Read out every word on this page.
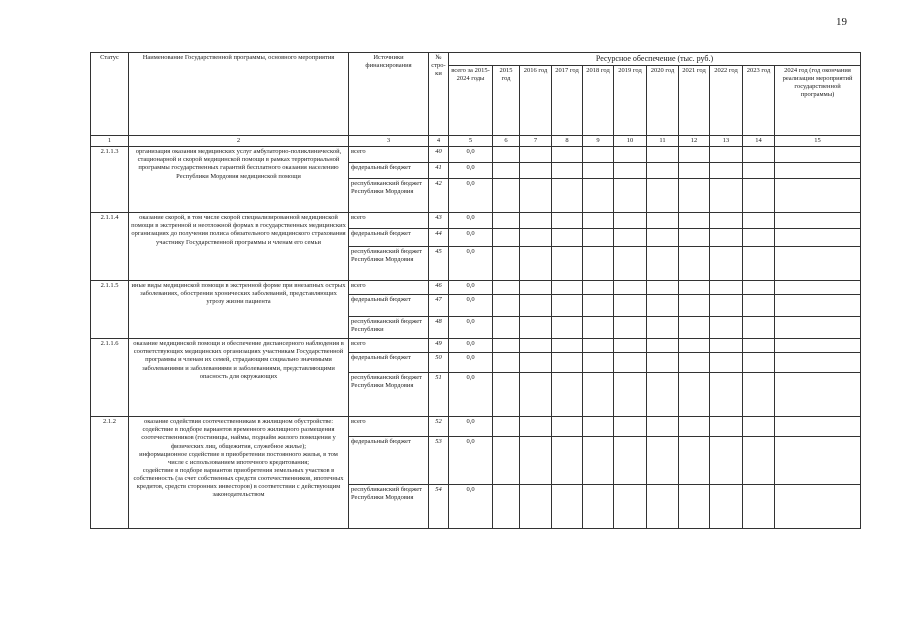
19
Статус	Наименование Государственной программы, основного мероприятия	Источники финансирования	№ стро- ки	Ресурсное обеспечение (тыс. руб.)										
				всего за 2015-2024 годы	2015 год	2016 год	2017 год	2018 год	2019 год	2020 год	2021 год	2022 год	2023 год	2024 год (год окончания реализации мероприятий государственной программы)
1	2	3	4	5	6	7	8	9	10	11	12	13	14	15
2.1.1.3	организация оказания медицинских услуг амбулаторно-поликлинической, стационарной и скорой медицинской помощи в рамках территориальной программы государственных гарантий бесплатного оказания населению Республики Мордовия медицинской помощи	всего	40	0,0										
		федеральный бюджет	41	0,0										
		республиканский бюджет Республики Мордовия	42	0,0										
2.1.1.4	оказание скорой, в том числе скорой специализированной медицинской помощи в экстренной и неотложной формах в государственных медицинских организациях до получения полиса обязательного медицинского страхования участнику Государственной программы и членам его семьи	всего	43	0,0										
		федеральный бюджет	44	0,0										
		республиканский бюджет Республики Мордовия	45	0,0										
2.1.1.5	иные виды медицинской помощи в экстренной форме при внезапных острых заболеваниях, обострении хронических заболеваний, представляющих угрозу жизни пациента	всего	46	0,0										
		федеральный бюджет	47	0,0										
		республиканский бюджет Республики	48	0,0										
2.1.1.6	оказание медицинской помощи и обеспечение диспансерного наблюдения в соответствующих медицинских организациях участникам Государственной программы и членам их семей, страдающим социально значимыми заболеваниями и заболеваниями и заболеваниями, представляющими опасность для окружающих	всего	49	0,0										
		федеральный бюджет	50	0,0										
		республиканский бюджет Республики Мордовия	51	0,0										
2.1.2	оказание содействия соотечественникам в жилищном обустройстве:
содействие в подборе вариантов временного жилищного размещения соотечественников (гостиницы, наймы, поднайм жилого помещения у физических лиц, общежития, служебное жилье);
информационное содействие в приобретении постоянного жилья, в том числе с использованием ипотечного кредитования;
содействие в подборе вариантов приобретения земельных участков в собственность (за счет собственных средств соотечественников, ипотечных кредитов, средств сторонних инвесторов) в соответствии с действующим законодательством	всего	52	0,0										
		федеральный бюджет	53	0,0										
		республиканский бюджет Республики Мордовия	54	0,0										
